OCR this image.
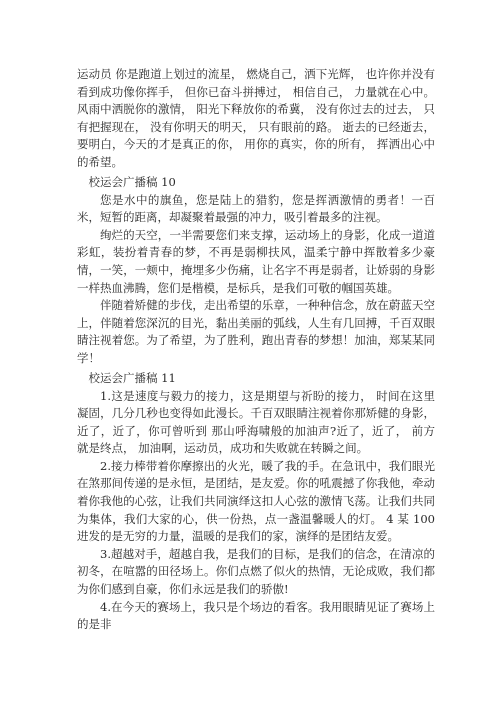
运动员 你是跑道上划过的流星， 燃烧自己，洒下光辉， 也许你并没有看到成功像你挥手， 但你已奋斗拼搏过， 相信自己， 力量就在心中。 风雨中洒脱你的激情， 阳光下释放你的希冀， 没有你过去的过去， 只有把握现在， 没有你明天的明天， 只有眼前的路。 逝去的已经逝去， 要明白，今天的才是真正的你， 用你的真实，你的所有， 挥洒出心中的希望。

校运会广播稿 10

您是水中的旗鱼，您是陆上的猎豹，您是挥洒激情的勇者！一百米，短暂的距离，却凝聚着最强的冲力，吸引着最多的注视。

绚烂的天空，一半需要您们来支撑，运动场上的身影，化成一道道彩虹，装扮着青春的梦，不再是弱柳扶风，温柔宁静中挥散着多少豪情，一笑，一颊中，掩埋多少伤痛，让名字不再是弱者，让娇弱的身影一样热血沸腾，您们是楷模，是标兵，是我们可敬的帼国英雄。

伴随着矫健的步伐，走出希望的乐章，一种种信念，放在蔚蓝天空上，伴随着您深沉的目光，黏出美丽的弧线，人生有几回搏，千百双眼睛注视着您。为了希望，为了胜利，跑出青春的梦想！加油，郑某某同学！

校运会广播稿 11

1.这是速度与毅力的接力，这是期望与祈盼的接力， 时间在这里凝固，几分几秒也变得如此漫长。千百双眼睛注视着你那矫健的身影， 近了，近了，你可曾听到 那山呼海啸般的加油声?近了，近了， 前方就是终点， 加油啊，运动员，成功和失败就在转瞬之间。

2.接力棒带着你摩擦出的火光，暖了我的手。在急讯中，我们眼光在煞那间传递的是永恒，是团结，是友爱。你的吼震撼了你我他，牵动着你我他的心弦，让我们共同演绎这扣人心弦的激情飞荡。让我们共同为集体，我们大家的心，供一份热，点一盏温馨暖人的灯。 4 某 100 进发的是无穷的力量，温暖的是我们的家，演绎的是团结友爱。

3.超越对手，超越自我，是我们的目标，是我们的信念，在清凉的初冬，在喧嚣的田径场上。你们点燃了似火的热情，无论成败，我们都为你们感到自豪，你们永远是我们的骄傲!

4.在今天的赛场上，我只是个场边的看客。我用眼睛见证了赛场上的是非
